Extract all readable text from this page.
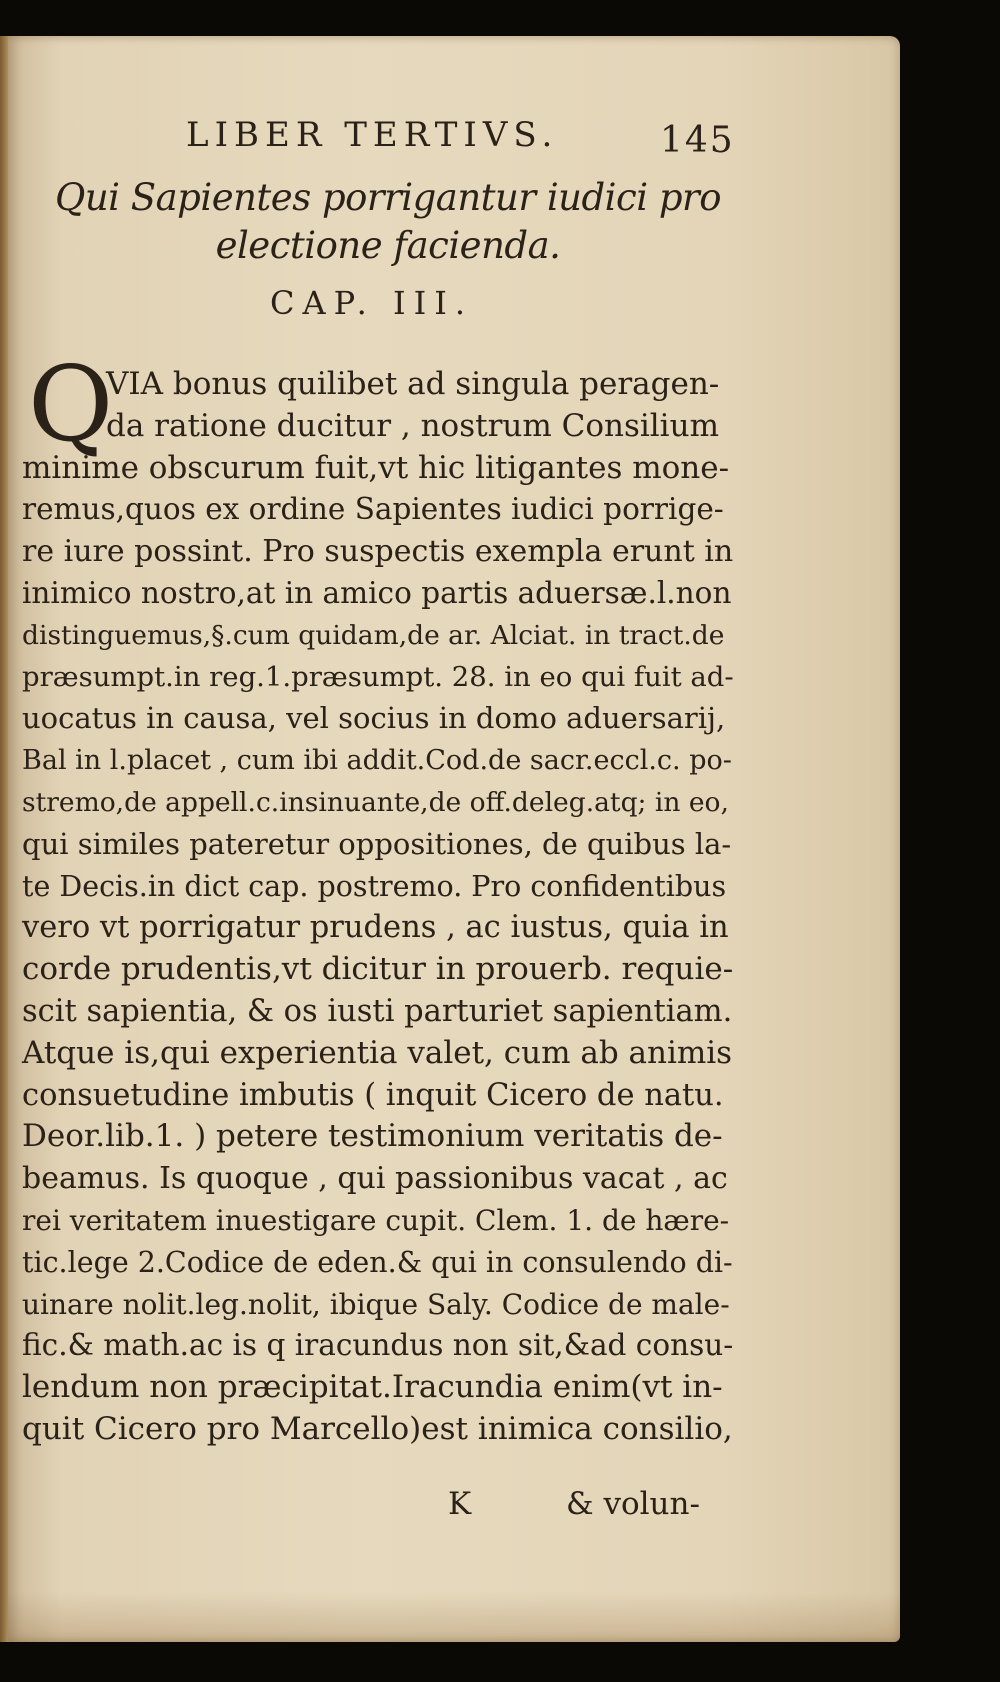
LIBER TERTIVS.	145
Qui Sapientes porrigantur iudici pro electione facienda.
CAP. III.
Q
VIA bonus quilibet ad singula peragen-
da ratione ducitur , nostrum Consilium
minime obscurum fuit,vt hic litigantes mone-
remus,quos ex ordine Sapientes iudici porrige-
re iure possint. Pro suspectis exempla erunt in
inimico nostro,at in amico partis aduersæ.l.non
distinguemus,§.cum quidam,de ar. Alciat. in tract.de
præsumpt.in reg.1.præsumpt. 28. in eo qui fuit ad-
uocatus in causa, vel socius in domo aduersarij,
Bal in l.placet , cum ibi addit.Cod.de sacr.eccl.c. po-
stremo,de appell.c.insinuante,de off.deleg.atq; in eo,
qui similes pateretur oppositiones, de quibus la-
te Decis.in dict cap. postremo. Pro confidentibus
vero vt porrigatur prudens , ac iustus, quia in
corde prudentis,vt dicitur in prouerb. requie-
scit sapientia, & os iusti parturiet sapientiam.
Atque is,qui experientia valet, cum ab animis
consuetudine imbutis ( inquit Cicero de natu.
Deor.lib.1. ) petere testimonium veritatis de-
beamus. Is quoque , qui passionibus vacat , ac
rei veritatem inuestigare cupit. Clem. 1. de hære-
tic.lege 2.Codice de eden.& qui in consulendo di-
uinare nolit.leg.nolit, ibique Saly. Codice de male-
fic.& math.ac is q iracundus non sit,&ad consu-
lendum non præcipitat.Iracundia enim(vt in-
quit Cicero pro Marcello)est inimica consilio,
K	& volun-
